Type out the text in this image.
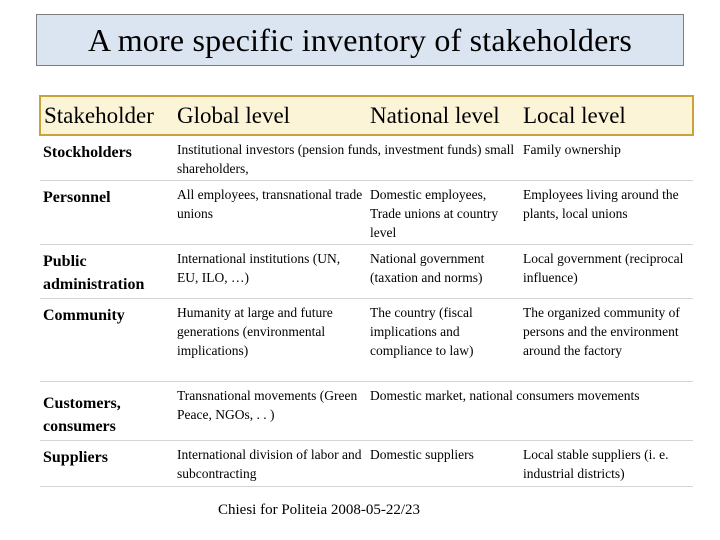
A more specific inventory of stakeholders
Stakeholder	Global level	National level	Local level
Stockholders	Institutional investors (pension funds, investment funds) small shareholders,		Family ownership
Personnel	All employees, transnational trade unions	Domestic employees, Trade unions at country level	Employees living around the plants, local unions
Public administration	International institutions (UN, EU, ILO, …)	National government (taxation and norms)	Local government (reciprocal influence)
Community	Humanity at large and future generations (environmental implications)	The country (fiscal implications and compliance to law)	The organized community of persons and the environment around the factory
Customers, consumers	Transnational movements (Green Peace, NGOs, . . )	Domestic market, national consumers movements	
Suppliers	International division of labor and subcontracting	Domestic suppliers	Local stable suppliers (i. e. industrial districts)
Chiesi for Politeia 2008-05-22/23
